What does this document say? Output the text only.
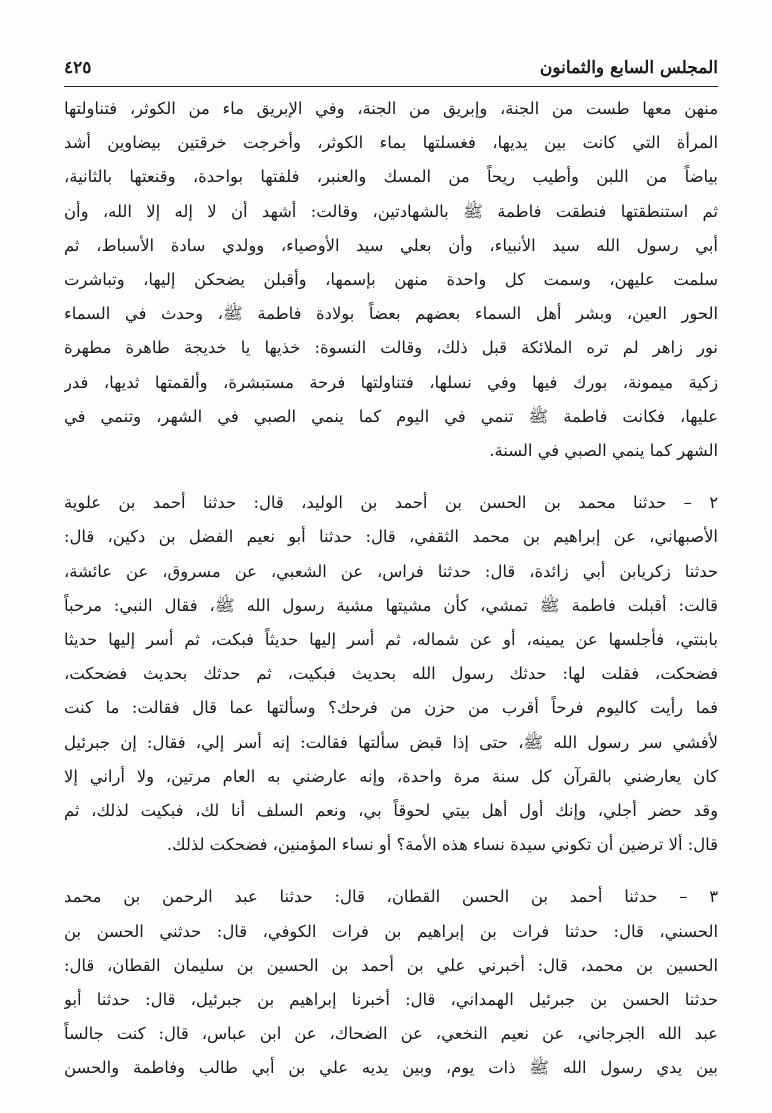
المجلس السابع والثمانون
٤٢٥
منهن معها طست من الجنة، وإبريق من الجنة، وفي الإبريق ماء من الكوثر، فتناولتها
المرأة التي كانت بين يديها، فغسلتها بماء الكوثر، وأخرجت خرقتين بيضاوين أشد
بياضاً من اللبن وأطيب ريحاً من المسك والعنبر، فلفتها بواحدة، وقنعتها بالثانية،
ثم استنطقتها فنطقت فاطمة ﷺ بالشهادتين، وقالت: أشهد أن لا إله إلا الله، وأن
أبي رسول الله سيد الأنبياء، وأن بعلي سيد الأوصياء، وولدي سادة الأسباط، ثم
سلمت عليهن، وسمت كل واحدة منهن بإسمها، وأقبلن يضحكن إليها، وتباشرت
الحور العين، وبشر أهل السماء بعضهم بعضاً بولادة فاطمة ﷺ، وحدث في السماء
نور زاهر لم تره الملائكة قبل ذلك، وقالت النسوة: خذيها يا خديجة طاهرة مطهرة
زكية ميمونة، بورك فيها وفي نسلها، فتناولتها فرحة مستبشرة، وألقمتها ثديها، فدر
عليها، فكانت فاطمة ﷺ تنمي في اليوم كما ينمي الصبي في الشهر، وتنمي في
الشهر كما ينمي الصبي في السنة.
٢ – حدثنا محمد بن الحسن بن أحمد بن الوليد، قال: حدثنا أحمد بن علوية
الأصبهاني، عن إبراهيم بن محمد الثقفي، قال: حدثنا أبو نعيم الفضل بن دكين، قال:
حدثنا زكريابن أبي زائدة، قال: حدثنا فراس، عن الشعبي، عن مسروق، عن عائشة،
قالت: أقبلت فاطمة ﷺ تمشي، كأن مشيتها مشية رسول الله ﷺ، فقال النبي: مرحباً
بابنتي، فأجلسها عن يمينه، أو عن شماله، ثم أسر إليها حديثاً فبكت، ثم أسر إليها حديثا
فضحكت، فقلت لها: حدثك رسول الله بحديث فبكيت، ثم حدثك بحديث فضحكت،
فما رأيت كاليوم فرحاً أقرب من حزن من فرحك؟ وسألتها عما قال فقالت: ما كنت
لأفشي سر رسول الله ﷺ، حتى إذا قبض سألتها فقالت: إنه أسر إلي، فقال: إن جبرئيل
كان يعارضني بالقرآن كل سنة مرة واحدة، وإنه عارضني به العام مرتين، ولا أراني إلا
وقد حضر أجلي، وإنك أول أهل بيتي لحوقاً بي، ونعم السلف أنا لك، فبكيت لذلك، ثم
قال: ألا ترضين أن تكوني سيدة نساء هذه الأمة؟ أو نساء المؤمنين، فضحكت لذلك.
٣ – حدثنا أحمد بن الحسن القطان، قال: حدثنا عبد الرحمن بن محمد
الحسني، قال: حدثنا فرات بن إبراهيم بن فرات الكوفي، قال: حدثني الحسن بن
الحسين بن محمد، قال: أخبرني علي بن أحمد بن الحسين بن سليمان القطان، قال:
حدثنا الحسن بن جبرئيل الهمداني، قال: أخبرنا إبراهيم بن جبرئيل، قال: حدثنا أبو
عبد الله الجرجاني، عن نعيم النخعي، عن الضحاك، عن ابن عباس، قال: كنت جالساً
بين يدي رسول الله ﷺ ذات يوم، وبين يديه علي بن أبي طالب وفاطمة والحسن
